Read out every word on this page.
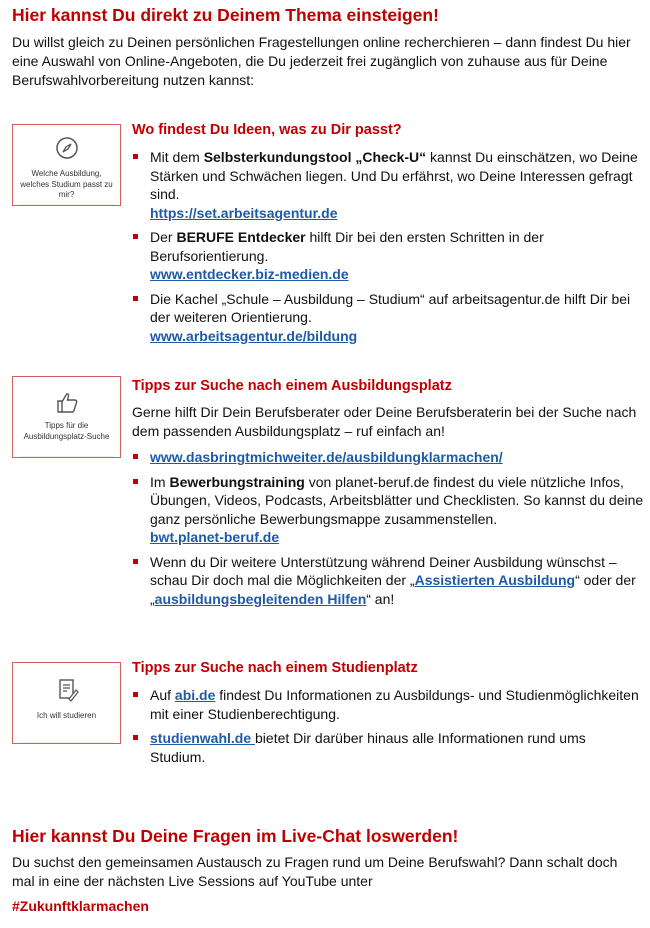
Hier kannst Du direkt zu Deinem Thema einsteigen!
Du willst gleich zu Deinen persönlichen Fragestellungen online recherchieren – dann findest Du hier eine Auswahl von Online-Angeboten, die Du jederzeit frei zugänglich von zuhause aus für Deine Berufswahlvorbereitung nutzen kannst:
Welche Ausbildung, welches Studium passt zu mir?
Wo findest Du Ideen, was zu Dir passt?
Mit dem Selbsterkundungstool „Check-U“ kannst Du einschätzen, wo Deine Stärken und Schwächen liegen. Und Du erfährst, wo Deine Interessen gefragt sind.
https://set.arbeitsagentur.de
Der BERUFE Entdecker hilft Dir bei den ersten Schritten in der Berufsorientierung.
www.entdecker.biz-medien.de
Die Kachel „Schule – Ausbildung – Studium“ auf arbeitsagentur.de hilft Dir bei der weiteren Orientierung.
www.arbeitsagentur.de/bildung
Tipps für die Ausbildungsplatz-Suche
Tipps zur Suche nach einem Ausbildungsplatz
Gerne hilft Dir Dein Berufsberater oder Deine Berufsberaterin bei der Suche nach dem passenden Ausbildungsplatz – ruf einfach an!
www.dasbringtmichweiter.de/ausbildungklarmachen/
Im Bewerbungstraining von planet-beruf.de findest du viele nützliche Infos, Übungen, Videos, Podcasts, Arbeitsblätter und Checklisten. So kannst du deine ganz persönliche Bewerbungsmappe zusammenstellen.
bwt.planet-beruf.de
Wenn du Dir weitere Unterstützung während Deiner Ausbildung wünschst – schau Dir doch mal die Möglichkeiten der „Assistierten Ausbildung“ oder der „ausbildungsbegleitenden Hilfen“ an!
Ich will studieren
Tipps zur Suche nach einem Studienplatz
Auf abi.de findest Du Informationen zu Ausbildungs- und Studienmöglichkeiten mit einer Studienberechtigung.
studienwahl.de bietet Dir darüber hinaus alle Informationen rund ums Studium.
Hier kannst Du Deine Fragen im Live-Chat loswerden!
Du suchst den gemeinsamen Austausch zu Fragen rund um Deine Berufswahl? Dann schalt doch mal in eine der nächsten Live Sessions auf YouTube unter
#Zukunftklarmachen
